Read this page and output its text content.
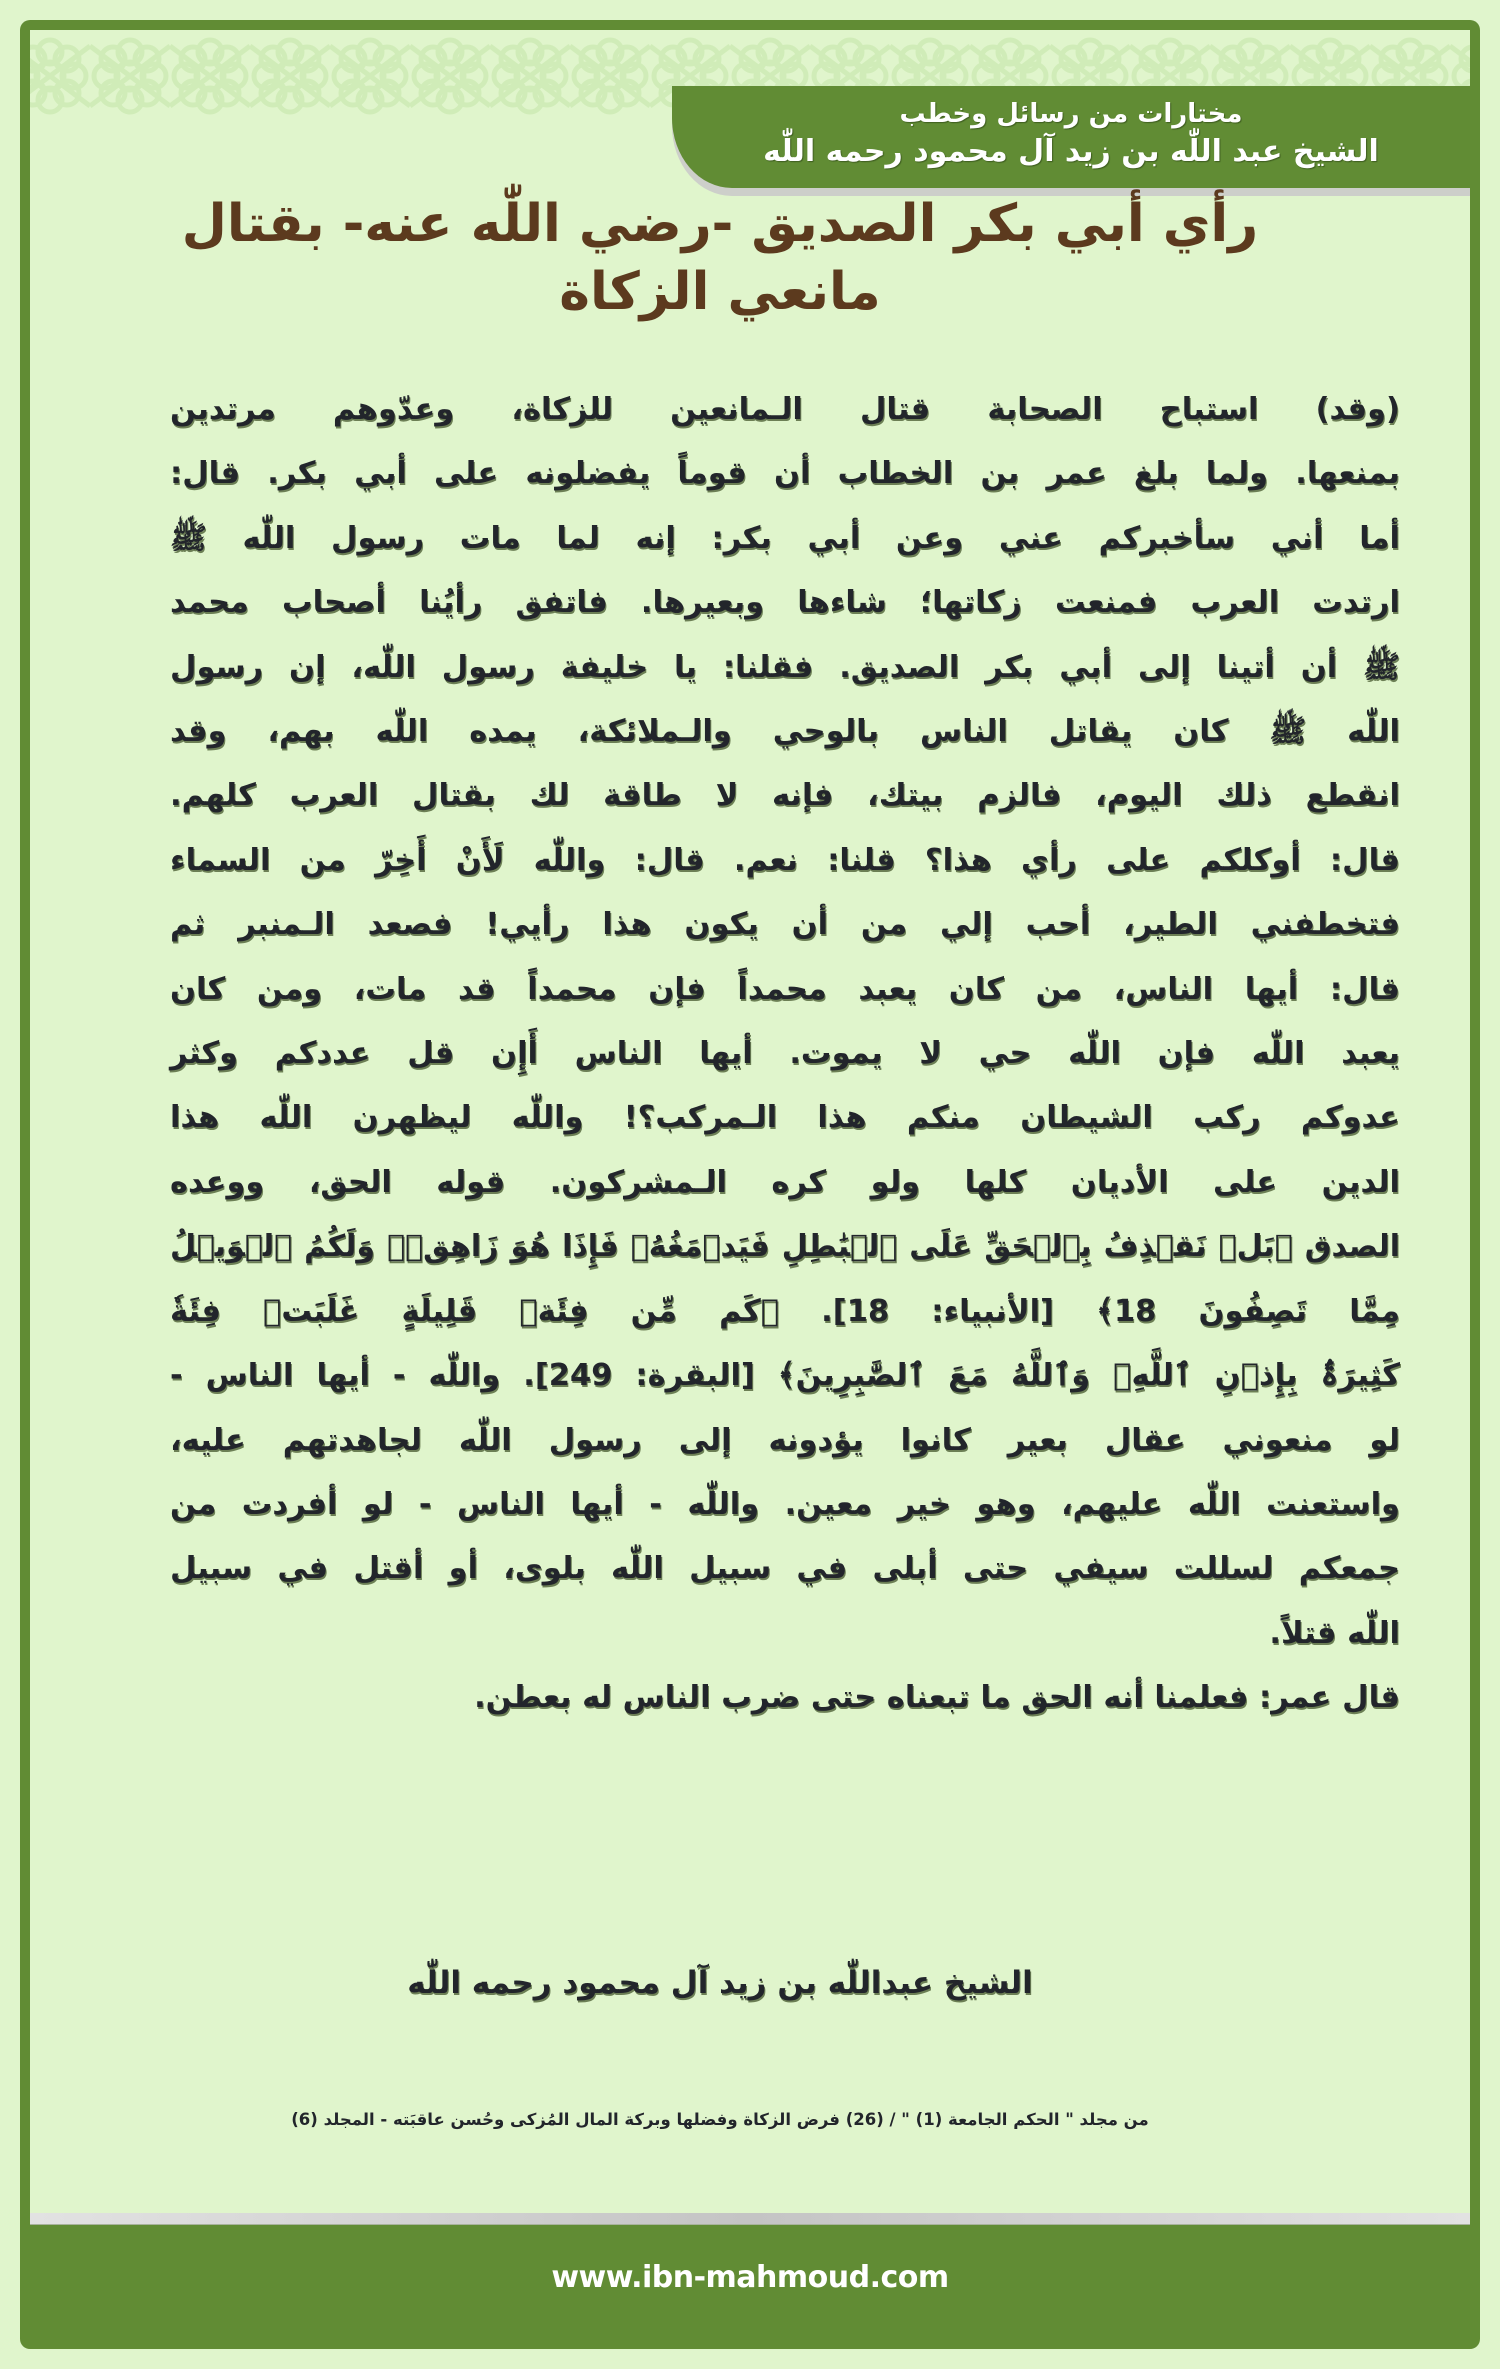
مختارات من رسائل وخطب
الشيخ عبد اللّٰه بن زيد آل محمود رحمه اللّٰه
رأي أبي بكر الصديق -رضي اللّٰه عنه- بقتال
مانعي الزكاة
(وقد) استباح الصحابة قتال الـمانعين للزكاة، وعدّوهم مرتدين
بمنعها. ولما بلغ عمر بن الخطاب أن قوماً يفضلونه على أبي بكر. قال:
أما أني سأخبركم عني وعن أبي بكر: إنه لما مات رسول اللّٰه ﷺ
ارتدت العرب فمنعت زكاتها؛ شاءها وبعيرها. فاتفق رأيُنا أصحاب محمد
ﷺ أن أتينا إلى أبي بكر الصديق. فقلنا: يا خليفة رسول اللّٰه، إن رسول
اللّٰه ﷺ كان يقاتل الناس بالوحي والـملائكة، يمده اللّٰه بهم، وقد
انقطع ذلك اليوم، فالزم بيتك، فإنه لا طاقة لك بقتال العرب كلهم.
قال: أوكلكم على رأي هذا؟ قلنا: نعم. قال: واللّٰه لَأَنْ أَخِرّ من السماء
فتخطفني الطير، أحب إلي من أن يكون هذا رأيي! فصعد الـمنبر ثم
قال: أيها الناس، من كان يعبد محمداً فإن محمداً قد مات، ومن كان
يعبد اللّٰه فإن اللّٰه حي لا يموت. أيها الناس أَإِن قل عددكم وكثر
عدوكم ركب الشيطان منكم هذا الـمركب؟! واللّٰه ليظهرن اللّٰه هذا
الدين على الأديان كلها ولو كره الـمشركون. قوله الحق، ووعده
الصدق ﴿بَلۡ نَقۡذِفُ بِٱلۡحَقِّ عَلَى ٱلۡبَٰطِلِ فَيَدۡمَغُهُۥ فَإِذَا هُوَ زَاهِقٞۚ وَلَكُمُ ٱلۡوَيۡلُ
مِمَّا تَصِفُونَ 18﴾ [الأنبياء: 18]. ﴿كَم مِّن فِئَةٖ قَلِيلَةٍ غَلَبَتۡ فِئَةٗ
كَثِيرَةَۢ بِإِذۡنِ ٱللَّهِۗ وَٱللَّهُ مَعَ ٱلصَّٰبِرِينَ﴾ [البقرة: 249]. واللّٰه - أيها الناس -
لو منعوني عقال بعير كانوا يؤدونه إلى رسول اللّٰه لجاهدتهم عليه،
واستعنت اللّٰه عليهم، وهو خير معين. واللّٰه - أيها الناس - لو أفردت من
جمعكم لسللت سيفي حتى أبلى في سبيل اللّٰه بلوى، أو أقتل في سبيل
اللّٰه قتلاً.
قال عمر: فعلمنا أنه الحق ما تبعناه حتى ضرب الناس له بعطن.
الشيخ عبداللّٰه بن زيد آل محمود رحمه اللّٰه
من مجلد " الحكم الجامعة (1) " / (26) فرض الزكاة وفضلها وبركة المال المُزكى وحُسن عاقبَته - المجلد (6)
www.ibn-mahmoud.com
